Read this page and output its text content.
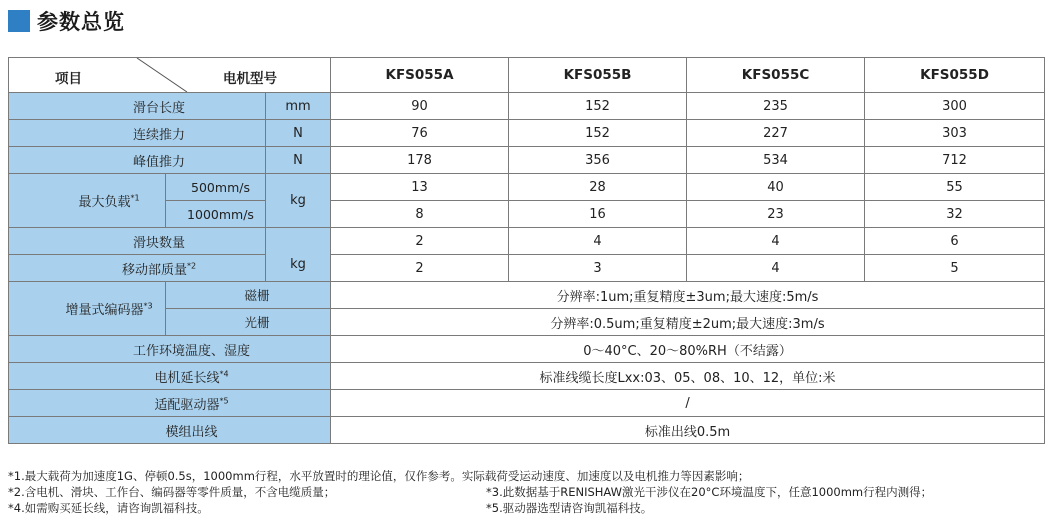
参数总览
项目 电机型号			KFS055A	KFS055B	KFS055C	KFS055D
滑台长度		mm	90	152	235	300
连续推力		N	76	152	227	303
峰值推力		N	178	356	534	712
最大负载$^{*1}$	500mm/s	kg	13	28	40	55
	1000mm/s		8	16	23	32
滑块数量		kg	2	4	4	6
移动部质量$^{*2}$			2	3	4	5
增量式编码器$^{*3}$	磁栅		分辨率:1um;重复精度±3um;最大速度:5m/s			
	光栅		分辨率:0.5um;重复精度±2um;最大速度:3m/s			
工作环境温度、湿度			0～40°C、20～80%RH（不结露）			
电机延长线$^{*4}$			标准线缆长度Lxx:03、05、08、10、12，单位:米			
适配驱动器$^{*5}$			/			
模组出线			标准出线0.5m			
*1.最大载荷为加速度1G、停顿0.5s，1000mm行程，水平放置时的理论值，仅作参考。实际载荷受运动速度、加速度以及电机推力等因素影响；
*2.含电机、滑块、工作台、编码器等零件质量，不含电缆质量；	*3.此数据基于RENISHAW激光干涉仪在20°C环境温度下，任意1000mm行程内测得；
*4.如需购买延长线，请咨询凯福科技。	*5.驱动器选型请咨询凯福科技。
